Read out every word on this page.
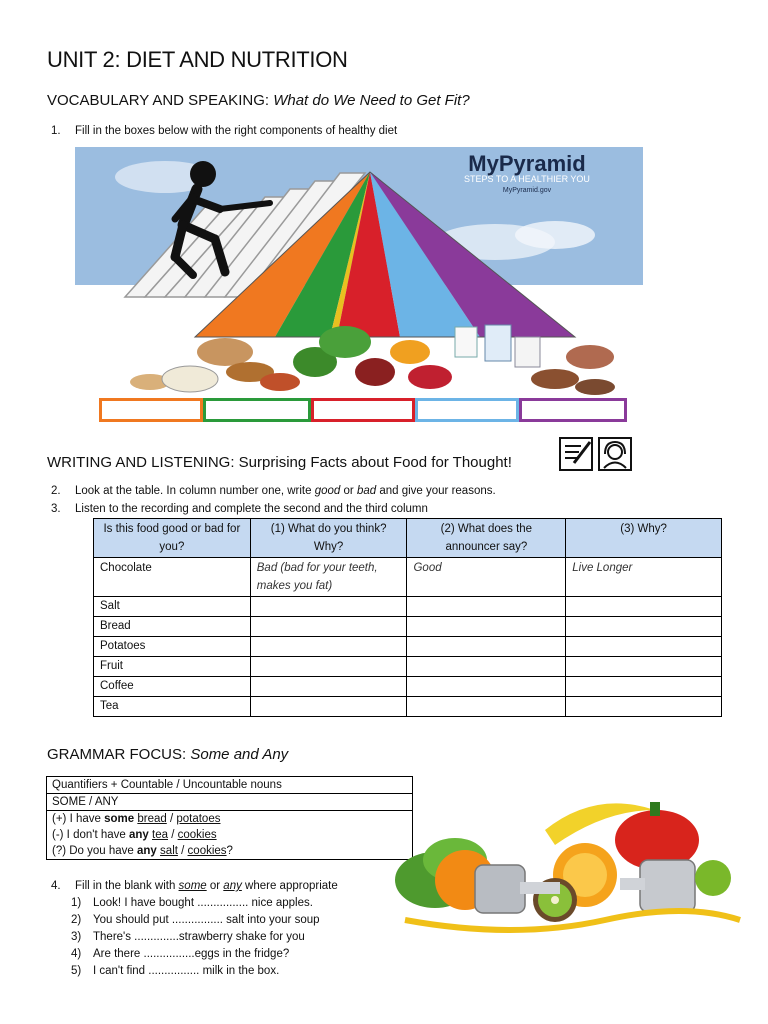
UNIT 2: DIET AND NUTRITION
VOCABULARY AND SPEAKING: What do We Need to Get Fit?
1. Fill in the boxes below with the right components of healthy diet
MyPyramid
STEPS TO A HEALTHIER YOU
MyPyramid.gov
WRITING AND LISTENING: Surprising Facts about Food for Thought!
2. Look at the table. In column number one, write good or bad and give your reasons.
3. Listen to the recording and complete the second and the third column
Is this food good or bad for you?	(1) What do you think? Why?	(2) What does the announcer say?	(3) Why?
Chocolate	Bad (bad for your teeth, makes you fat)	Good	Live Longer
Salt			
Bread			
Potatoes			
Fruit			
Coffee			
Tea			
GRAMMAR FOCUS: Some and Any
Quantifiers + Countable / Uncountable nouns
SOME / ANY

(+) I have some bread / potatoes
(-) I don't have any tea / cookies
(?) Do you have any salt / cookies?
4. Fill in the blank with some or any where appropriate
1) Look! I have bought ................ nice apples.
2) You should put ................ salt into your soup
3) There's ..............strawberry shake for you
4) Are there ................eggs in the fridge?
5) I can't find ................ milk in the box.
